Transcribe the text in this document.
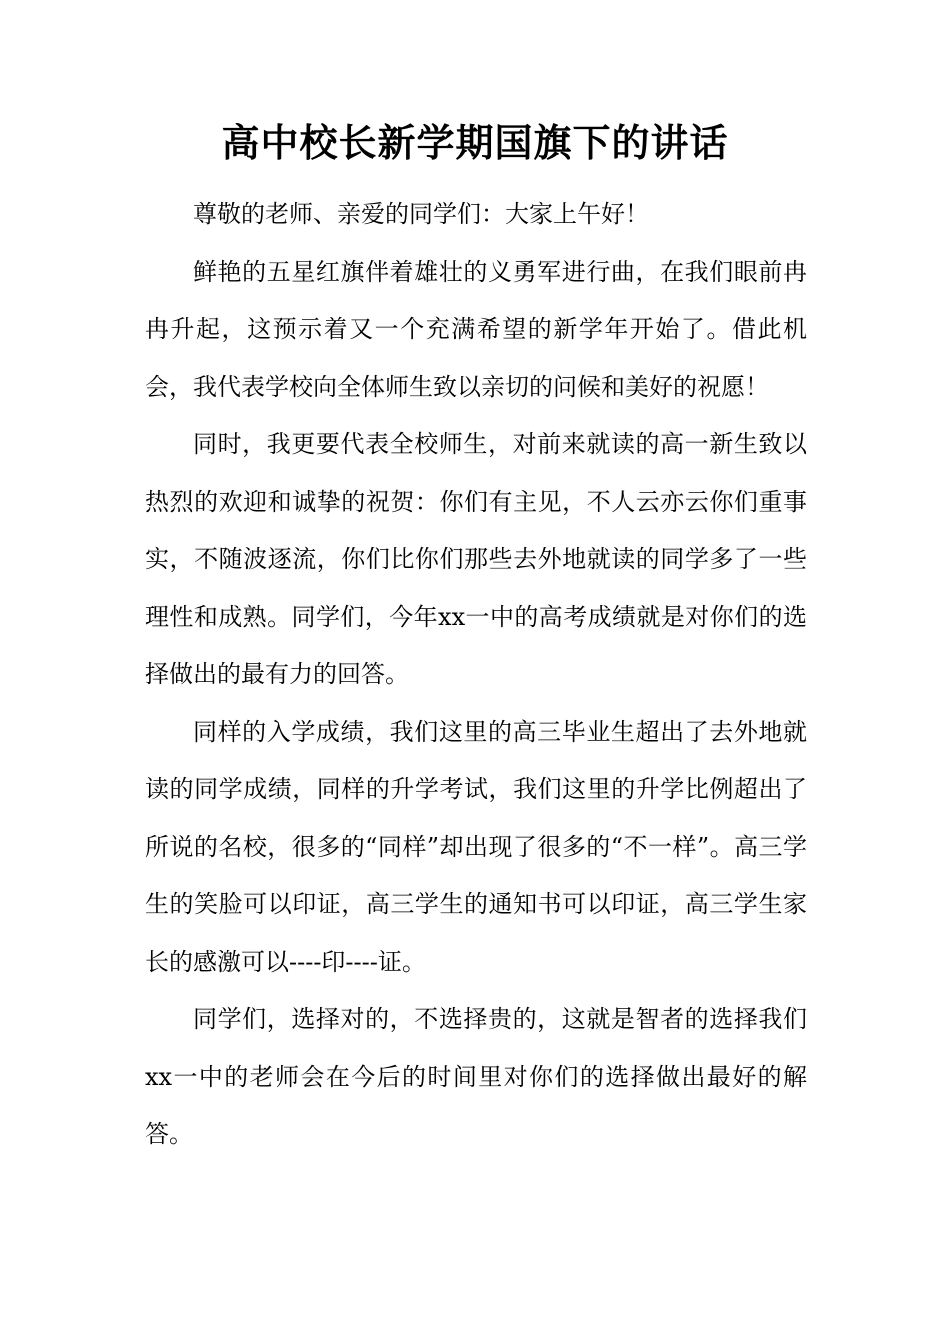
高中校长新学期国旗下的讲话

尊敬的老师、亲爱的同学们：大家上午好！

鲜艳的五星红旗伴着雄壮的义勇军进行曲，在我们眼前冉冉升起，这预示着又一个充满希望的新学年开始了。借此机会，我代表学校向全体师生致以亲切的问候和美好的祝愿！

同时，我更要代表全校师生，对前来就读的高一新生致以热烈的欢迎和诚挚的祝贺：你们有主见，不人云亦云你们重事实，不随波逐流，你们比你们那些去外地就读的同学多了一些理性和成熟。同学们，今年xx一中的高考成绩就是对你们的选择做出的最有力的回答。

同样的入学成绩，我们这里的高三毕业生超出了去外地就读的同学成绩，同样的升学考试，我们这里的升学比例超出了所说的名校，很多的“同样”却出现了很多的“不一样”。高三学生的笑脸可以印证，高三学生的通知书可以印证，高三学生家长的感激可以----印----证。

同学们，选择对的，不选择贵的，这就是智者的选择我们xx一中的老师会在今后的时间里对你们的选择做出最好的解答。
